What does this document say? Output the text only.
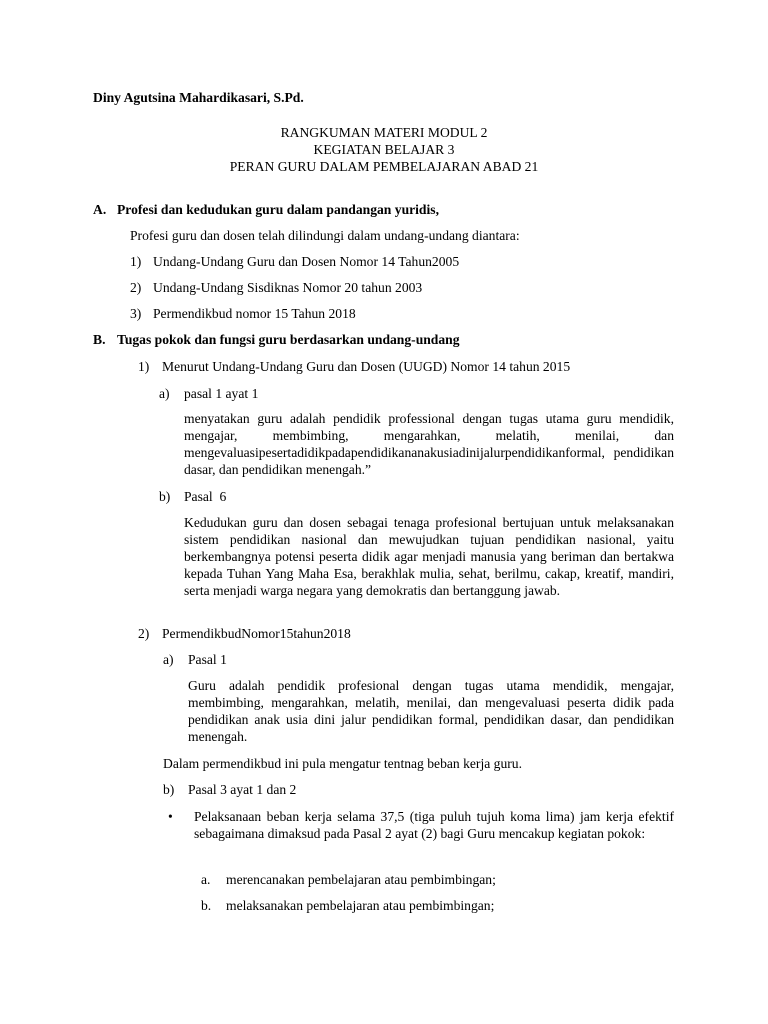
Diny Agutsina Mahardikasari, S.Pd.
RANGKUMAN MATERI MODUL 2
KEGIATAN BELAJAR 3
PERAN GURU DALAM PEMBELAJARAN ABAD 21
A. Profesi dan kedudukan guru dalam pandangan yuridis,
Profesi guru dan dosen telah dilindungi dalam undang-undang diantara:
1) Undang-Undang Guru dan Dosen Nomor 14 Tahun2005
2) Undang-Undang Sisdiknas Nomor 20 tahun 2003
3) Permendikbud nomor 15 Tahun 2018
B. Tugas pokok dan fungsi guru berdasarkan undang-undang
1) Menurut Undang-Undang Guru dan Dosen (UUGD) Nomor 14 tahun 2015
a) pasal 1 ayat 1
menyatakan guru adalah pendidik professional dengan tugas utama guru mendidik, mengajar, membimbing, mengarahkan, melatih, menilai, dan mengevaluasipesertadidikpadapendidikananakusiadinijalurpendidikanformal, pendidikan dasar, dan pendidikan menengah.”
b) Pasal  6
Kedudukan guru dan dosen sebagai tenaga profesional bertujuan untuk melaksanakan sistem pendidikan nasional dan mewujudkan tujuan pendidikan nasional, yaitu berkembangnya potensi peserta didik agar menjadi manusia yang beriman dan bertakwa kepada Tuhan Yang Maha Esa, berakhlak mulia, sehat, berilmu, cakap, kreatif, mandiri, serta menjadi warga negara yang demokratis dan bertanggung jawab.
2) PermendikbudNomor15tahun2018
a) Pasal 1
Guru adalah pendidik profesional dengan tugas utama mendidik, mengajar, membimbing, mengarahkan, melatih, menilai, dan mengevaluasi peserta didik pada pendidikan anak usia dini jalur pendidikan formal, pendidikan dasar, dan pendidikan menengah.
Dalam permendikbud ini pula mengatur tentnag beban kerja guru.
b) Pasal 3 ayat 1 dan 2
• Pelaksanaan beban kerja selama 37,5 (tiga puluh tujuh koma lima) jam kerja efektif sebagaimana dimaksud pada Pasal 2 ayat (2) bagi Guru mencakup kegiatan pokok:
a. merencanakan pembelajaran atau pembimbingan;
b. melaksanakan pembelajaran atau pembimbingan;
